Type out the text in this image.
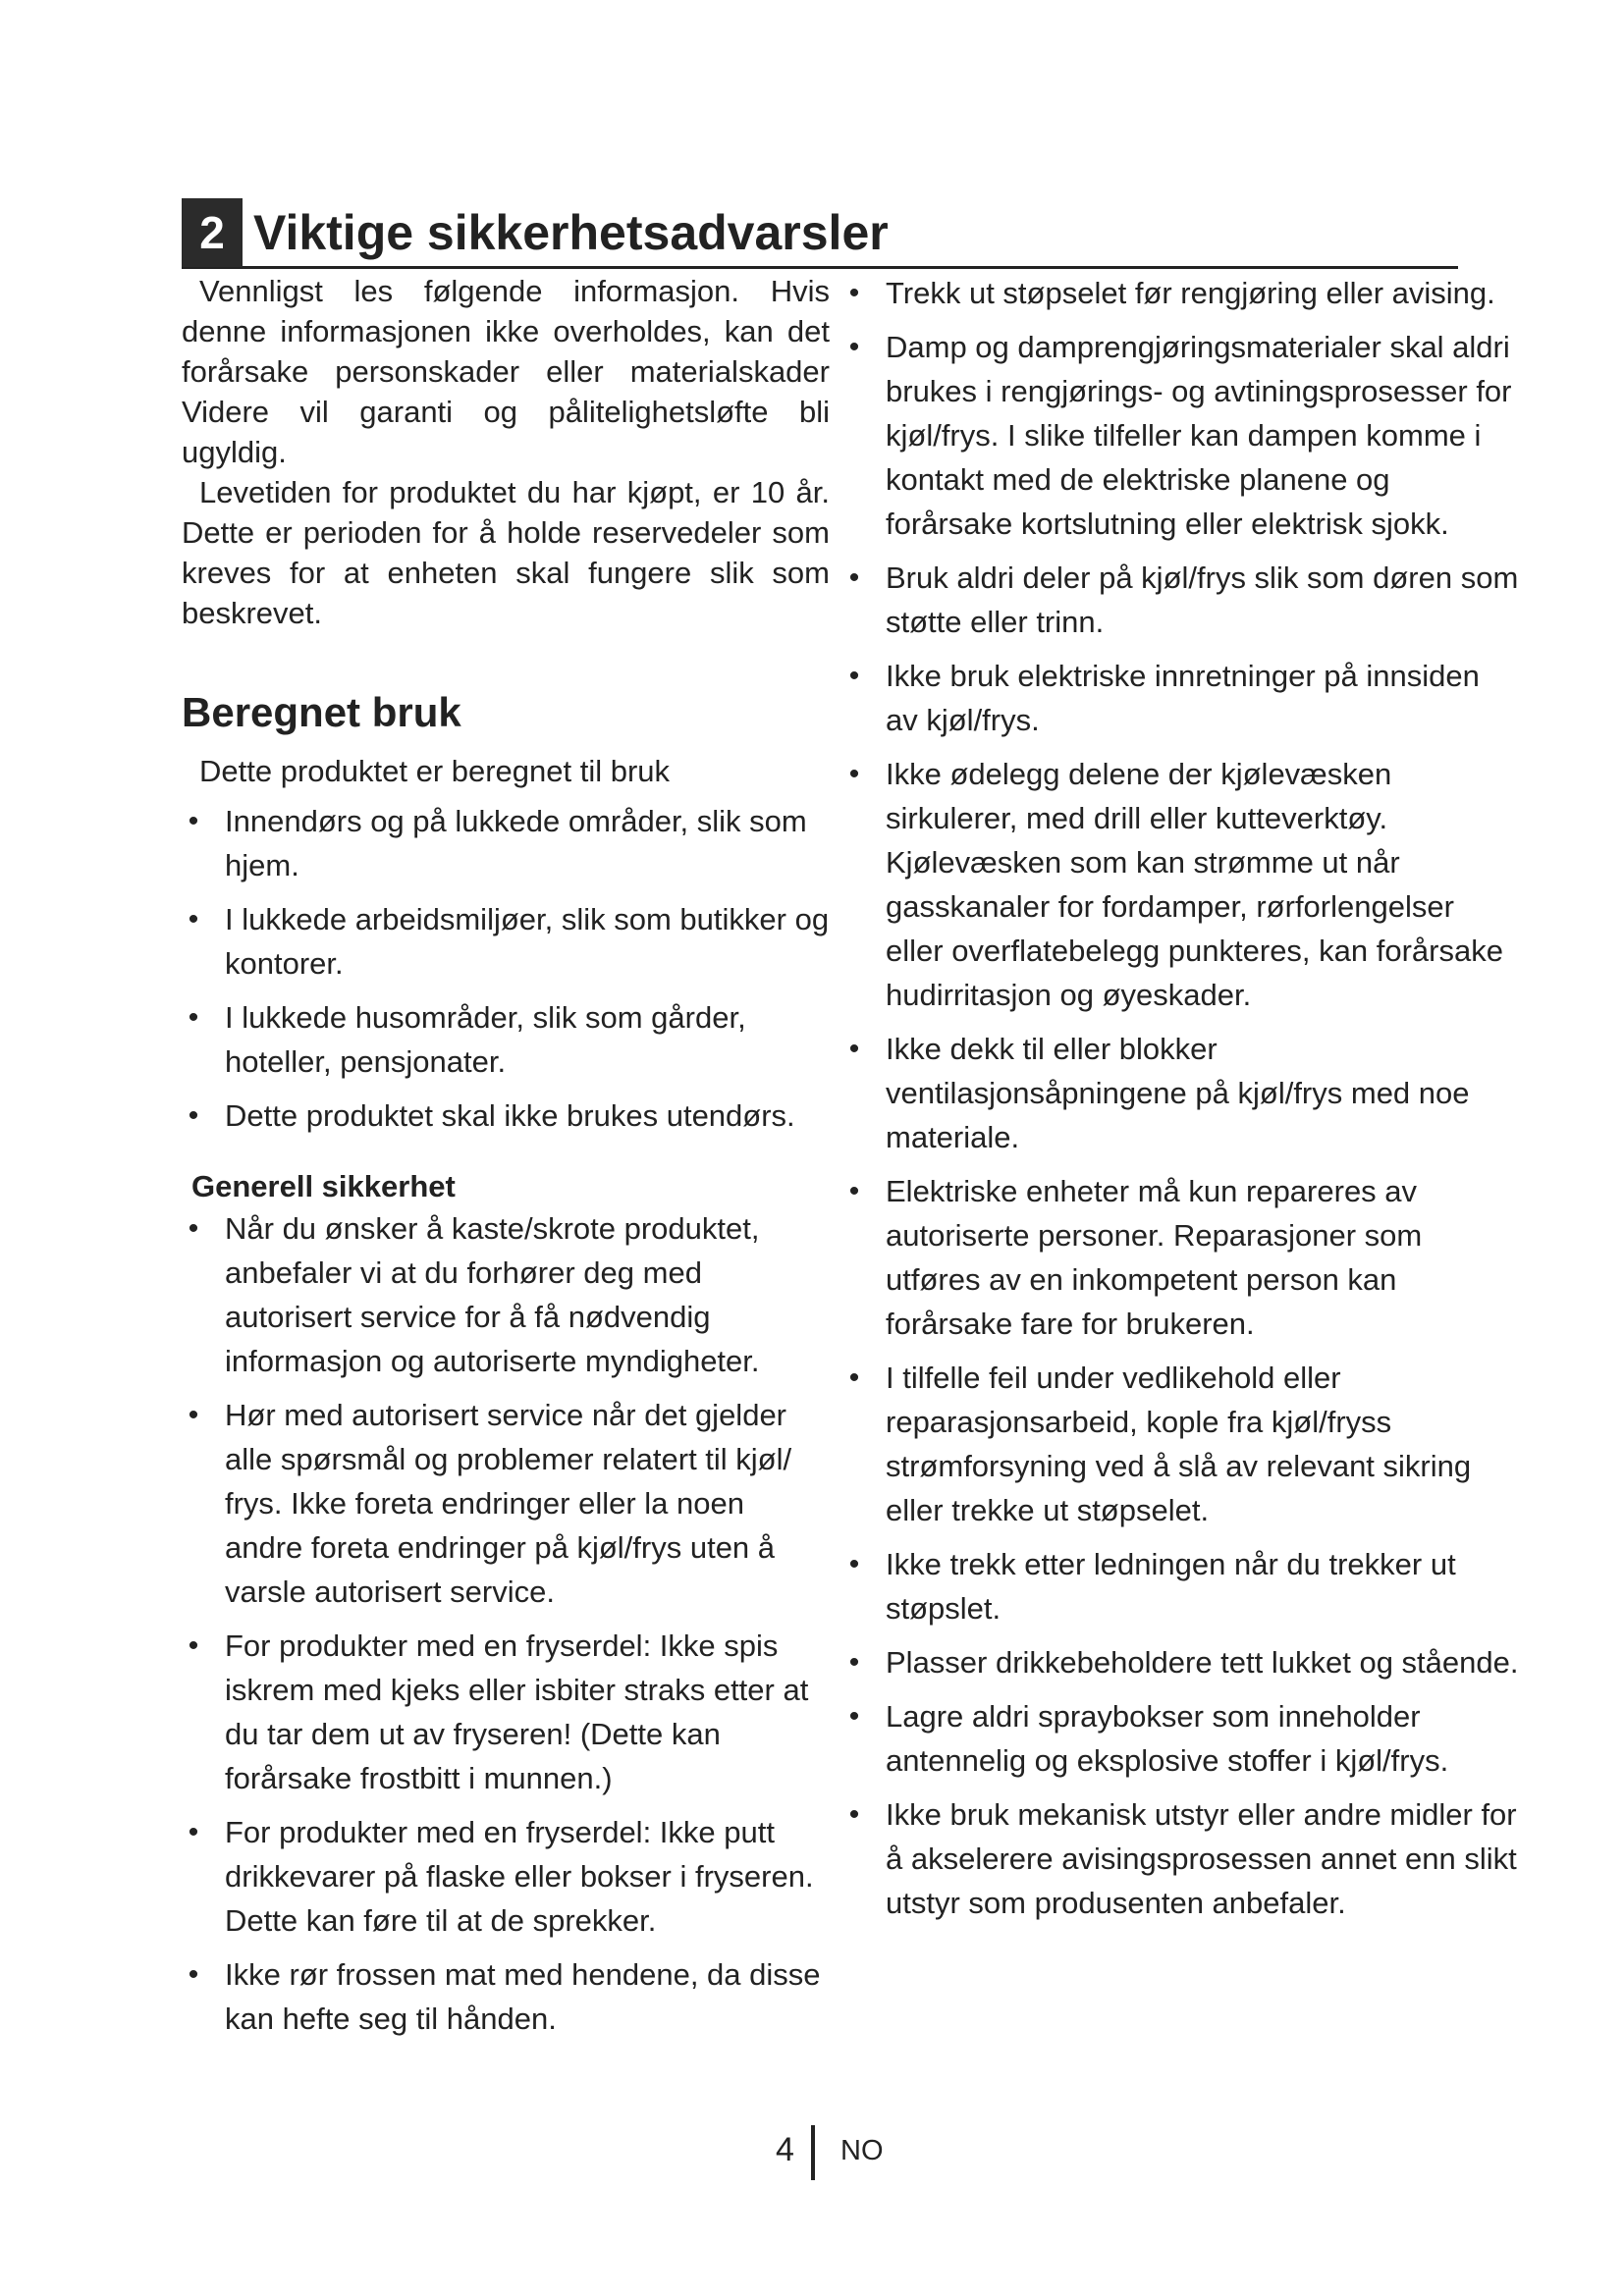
2 Viktige sikkerhetsadvarsler

Vennligst les følgende informasjon. Hvis denne informasjonen ikke overholdes, kan det forårsake personskader eller materialskader Videre vil garanti og pålitelighetsløfte bli ugyldig.

Levetiden for produktet du har kjøpt, er 10 år. Dette er perioden for å holde reservedeler som kreves for at enheten skal fungere slik som beskrevet.

Beregnet bruk

Dette produktet er beregnet til bruk

• Innendørs og på lukkede områder, slik som hjem.
• I lukkede arbeidsmiljøer, slik som butikker og kontorer.
• I lukkede husområder, slik som gårder, hoteller, pensjonater.
• Dette produktet skal ikke brukes utendørs.
Generell sikkerhet
• Når du ønsker å kaste/skrote produktet, anbefaler vi at du forhører deg med autorisert service for å få nødvendig informasjon og autoriserte myndigheter.
• Hør med autorisert service når det gjelder alle spørsmål og problemer relatert til kjøl/ frys. Ikke foreta endringer eller la noen andre foreta endringer på kjøl/frys uten å varsle autorisert service.
• For produkter med en fryserdel: Ikke spis iskrem med kjeks eller isbiter straks etter at du tar dem ut av fryseren! (Dette kan forårsake frostbitt i munnen.)
• For produkter med en fryserdel: Ikke putt drikkevarer på flaske eller bokser i fryseren. Dette kan føre til at de sprekker.
• Ikke rør frossen mat med hendene, da disse kan hefte seg til hånden.
• Trekk ut støpselet før rengjøring eller avising.
• Damp og damprengjøringsmaterialer skal aldri brukes i rengjørings- og avtiningsprosesser for kjøl/frys. I slike tilfeller kan dampen komme i kontakt med de elektriske planene og forårsake kortslutning eller elektrisk sjokk.
• Bruk aldri deler på kjøl/frys slik som døren som støtte eller trinn.
• Ikke bruk elektriske innretninger på innsiden av kjøl/frys.
• Ikke ødelegg delene der kjølevæsken sirkulerer, med drill eller kutteverktøy. Kjølevæsken som kan strømme ut når gasskanaler for fordamper, rørforlengelser eller overflatebelegg punkteres, kan forårsake hudirritasjon og øyeskader.
• Ikke dekk til eller blokker ventilasjonsåpningene på kjøl/frys med noe materiale.
• Elektriske enheter må kun repareres av autoriserte personer. Reparasjoner som utføres av en inkompetent person kan forårsake fare for brukeren.
• I tilfelle feil under vedlikehold eller reparasjonsarbeid, kople fra kjøl/fryss strømforsyning ved å slå av relevant sikring eller trekke ut støpselet.
• Ikke trekk etter ledningen når du trekker ut støpslet.
• Plasser drikkebeholdere tett lukket og stående.
• Lagre aldri spraybokser som inneholder antennelig og eksplosive stoffer i kjøl/frys.
• Ikke bruk mekanisk utstyr eller andre midler for å akselerere avisingsprosessen annet enn slikt utstyr som produsenten anbefaler.
4 NO
